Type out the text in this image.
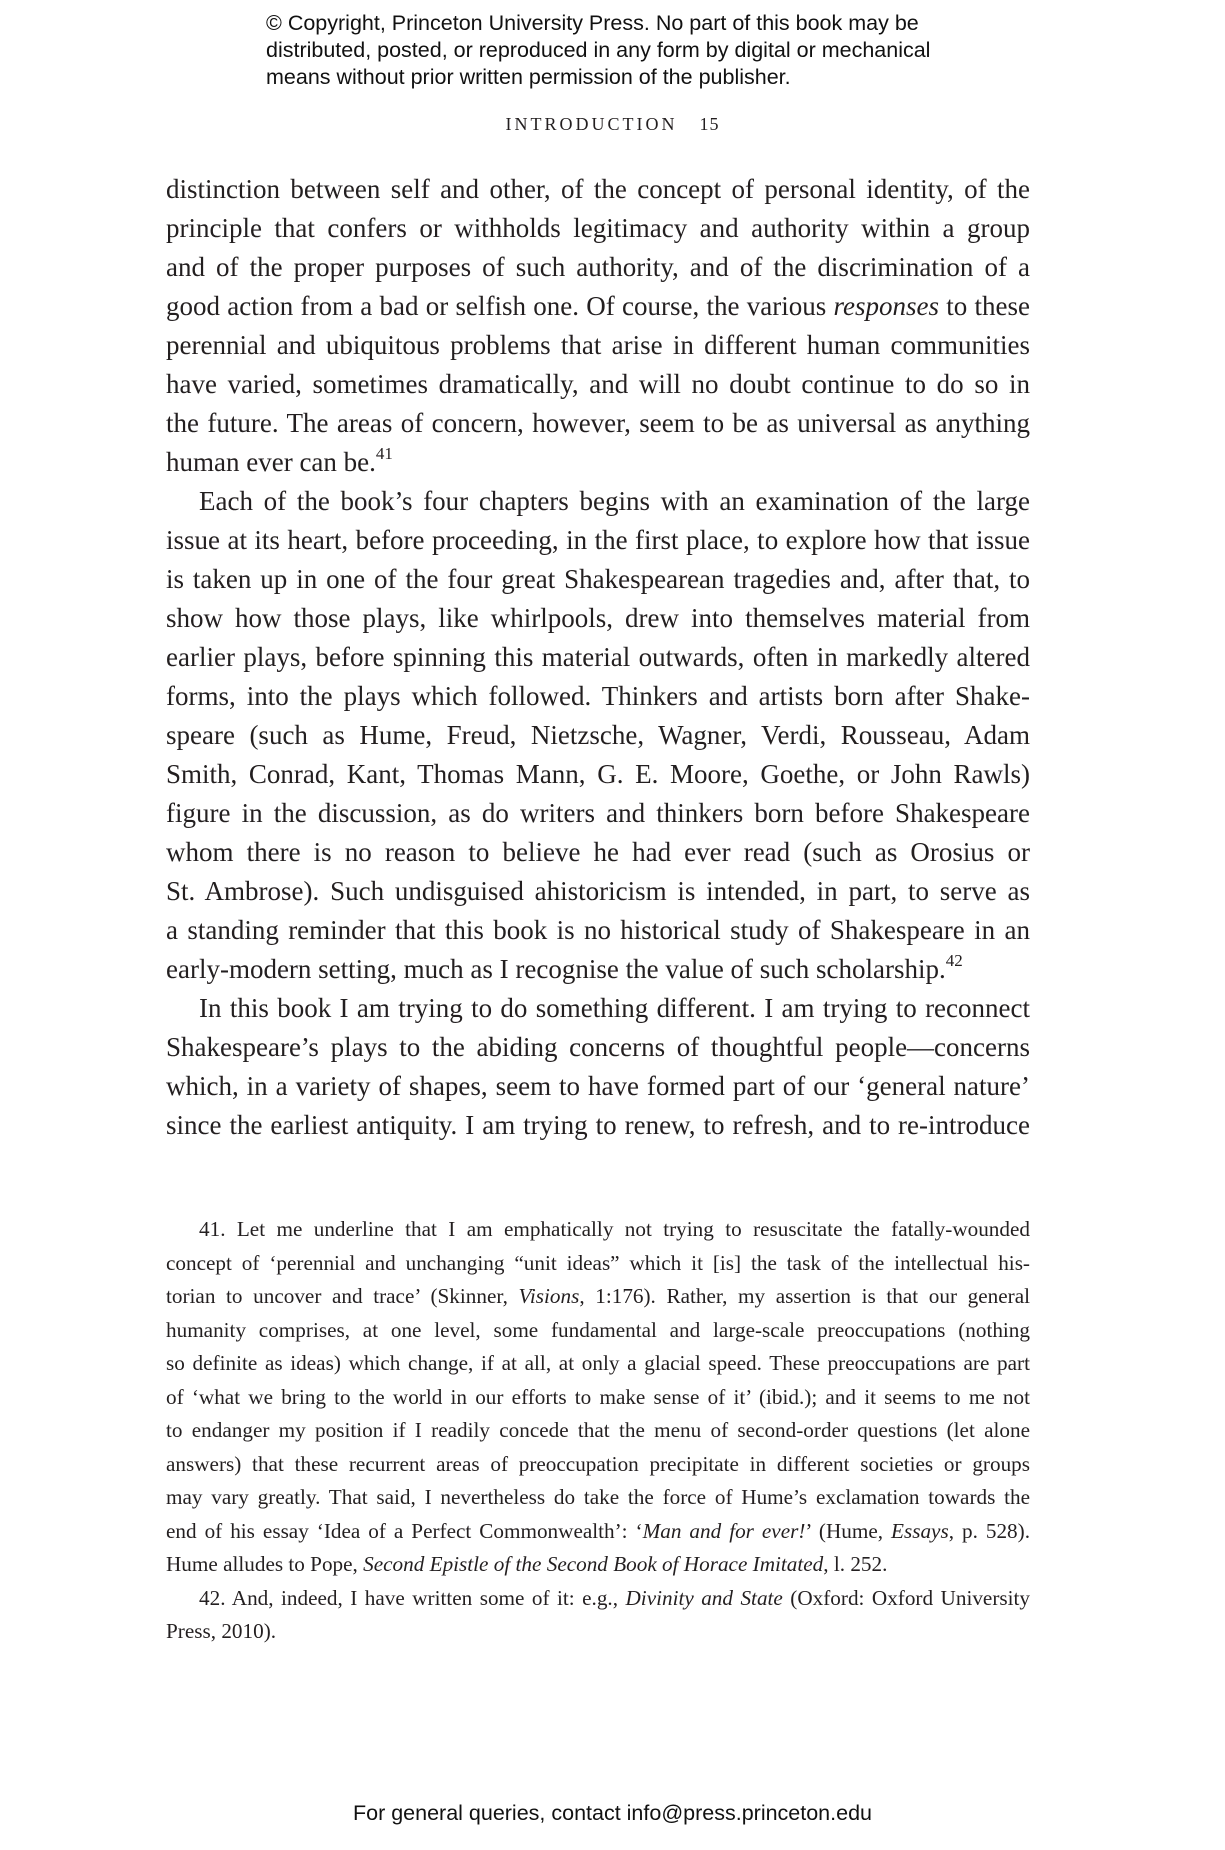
© Copyright, Princeton University Press. No part of this book may be
distributed, posted, or reproduced in any form by digital or mechanical
means without prior written permission of the publisher.
INTRODUCTION 15
distinction between self and other, of the concept of personal identity, of the
principle that confers or withholds legitimacy and authority within a group
and of the proper purposes of such authority, and of the discrimination of a
good action from a bad or selfish one. Of course, the various responses to these
perennial and ubiquitous problems that arise in different human communities
have varied, sometimes dramatically, and will no doubt continue to do so in
the future. The areas of concern, however, seem to be as universal as anything
human ever can be.$^{41}$
Each of the book’s four chapters begins with an examination of the large
issue at its heart, before proceeding, in the first place, to explore how that issue
is taken up in one of the four great Shakespearean tragedies and, after that, to
show how those plays, like whirlpools, drew into themselves material from
earlier plays, before spinning this material outwards, often in markedly altered
forms, into the plays which followed. Thinkers and artists born after Shake-
speare (such as Hume, Freud, Nietzsche, Wagner, Verdi, Rousseau, Adam
Smith, Conrad, Kant, Thomas Mann, G. E. Moore, Goethe, or John Rawls)
figure in the discussion, as do writers and thinkers born before Shakespeare
whom there is no reason to believe he had ever read (such as Orosius or
St. Ambrose). Such undisguised ahistoricism is intended, in part, to serve as
a standing reminder that this book is no historical study of Shakespeare in an
early-modern setting, much as I recognise the value of such scholarship.$^{42}$
In this book I am trying to do something different. I am trying to reconnect
Shakespeare’s plays to the abiding concerns of thoughtful people—concerns
which, in a variety of shapes, seem to have formed part of our ‘general nature’
since the earliest antiquity. I am trying to renew, to refresh, and to re-introduce
41. Let me underline that I am emphatically not trying to resuscitate the fatally-wounded
concept of ‘perennial and unchanging “unit ideas” which it [is] the task of the intellectual his-
torian to uncover and trace’ (Skinner, Visions, 1:176). Rather, my assertion is that our general
humanity comprises, at one level, some fundamental and large-scale preoccupations (nothing
so definite as ideas) which change, if at all, at only a glacial speed. These preoccupations are part
of ‘what we bring to the world in our efforts to make sense of it’ (ibid.); and it seems to me not
to endanger my position if I readily concede that the menu of second-order questions (let alone
answers) that these recurrent areas of preoccupation precipitate in different societies or groups
may vary greatly. That said, I nevertheless do take the force of Hume’s exclamation towards the
end of his essay ‘Idea of a Perfect Commonwealth’: ‘Man and for ever!’ (Hume, Essays, p. 528).
Hume alludes to Pope, Second Epistle of the Second Book of Horace Imitated, l. 252.
42. And, indeed, I have written some of it: e.g., Divinity and State (Oxford: Oxford University
Press, 2010).
For general queries, contact info@press.princeton.edu
